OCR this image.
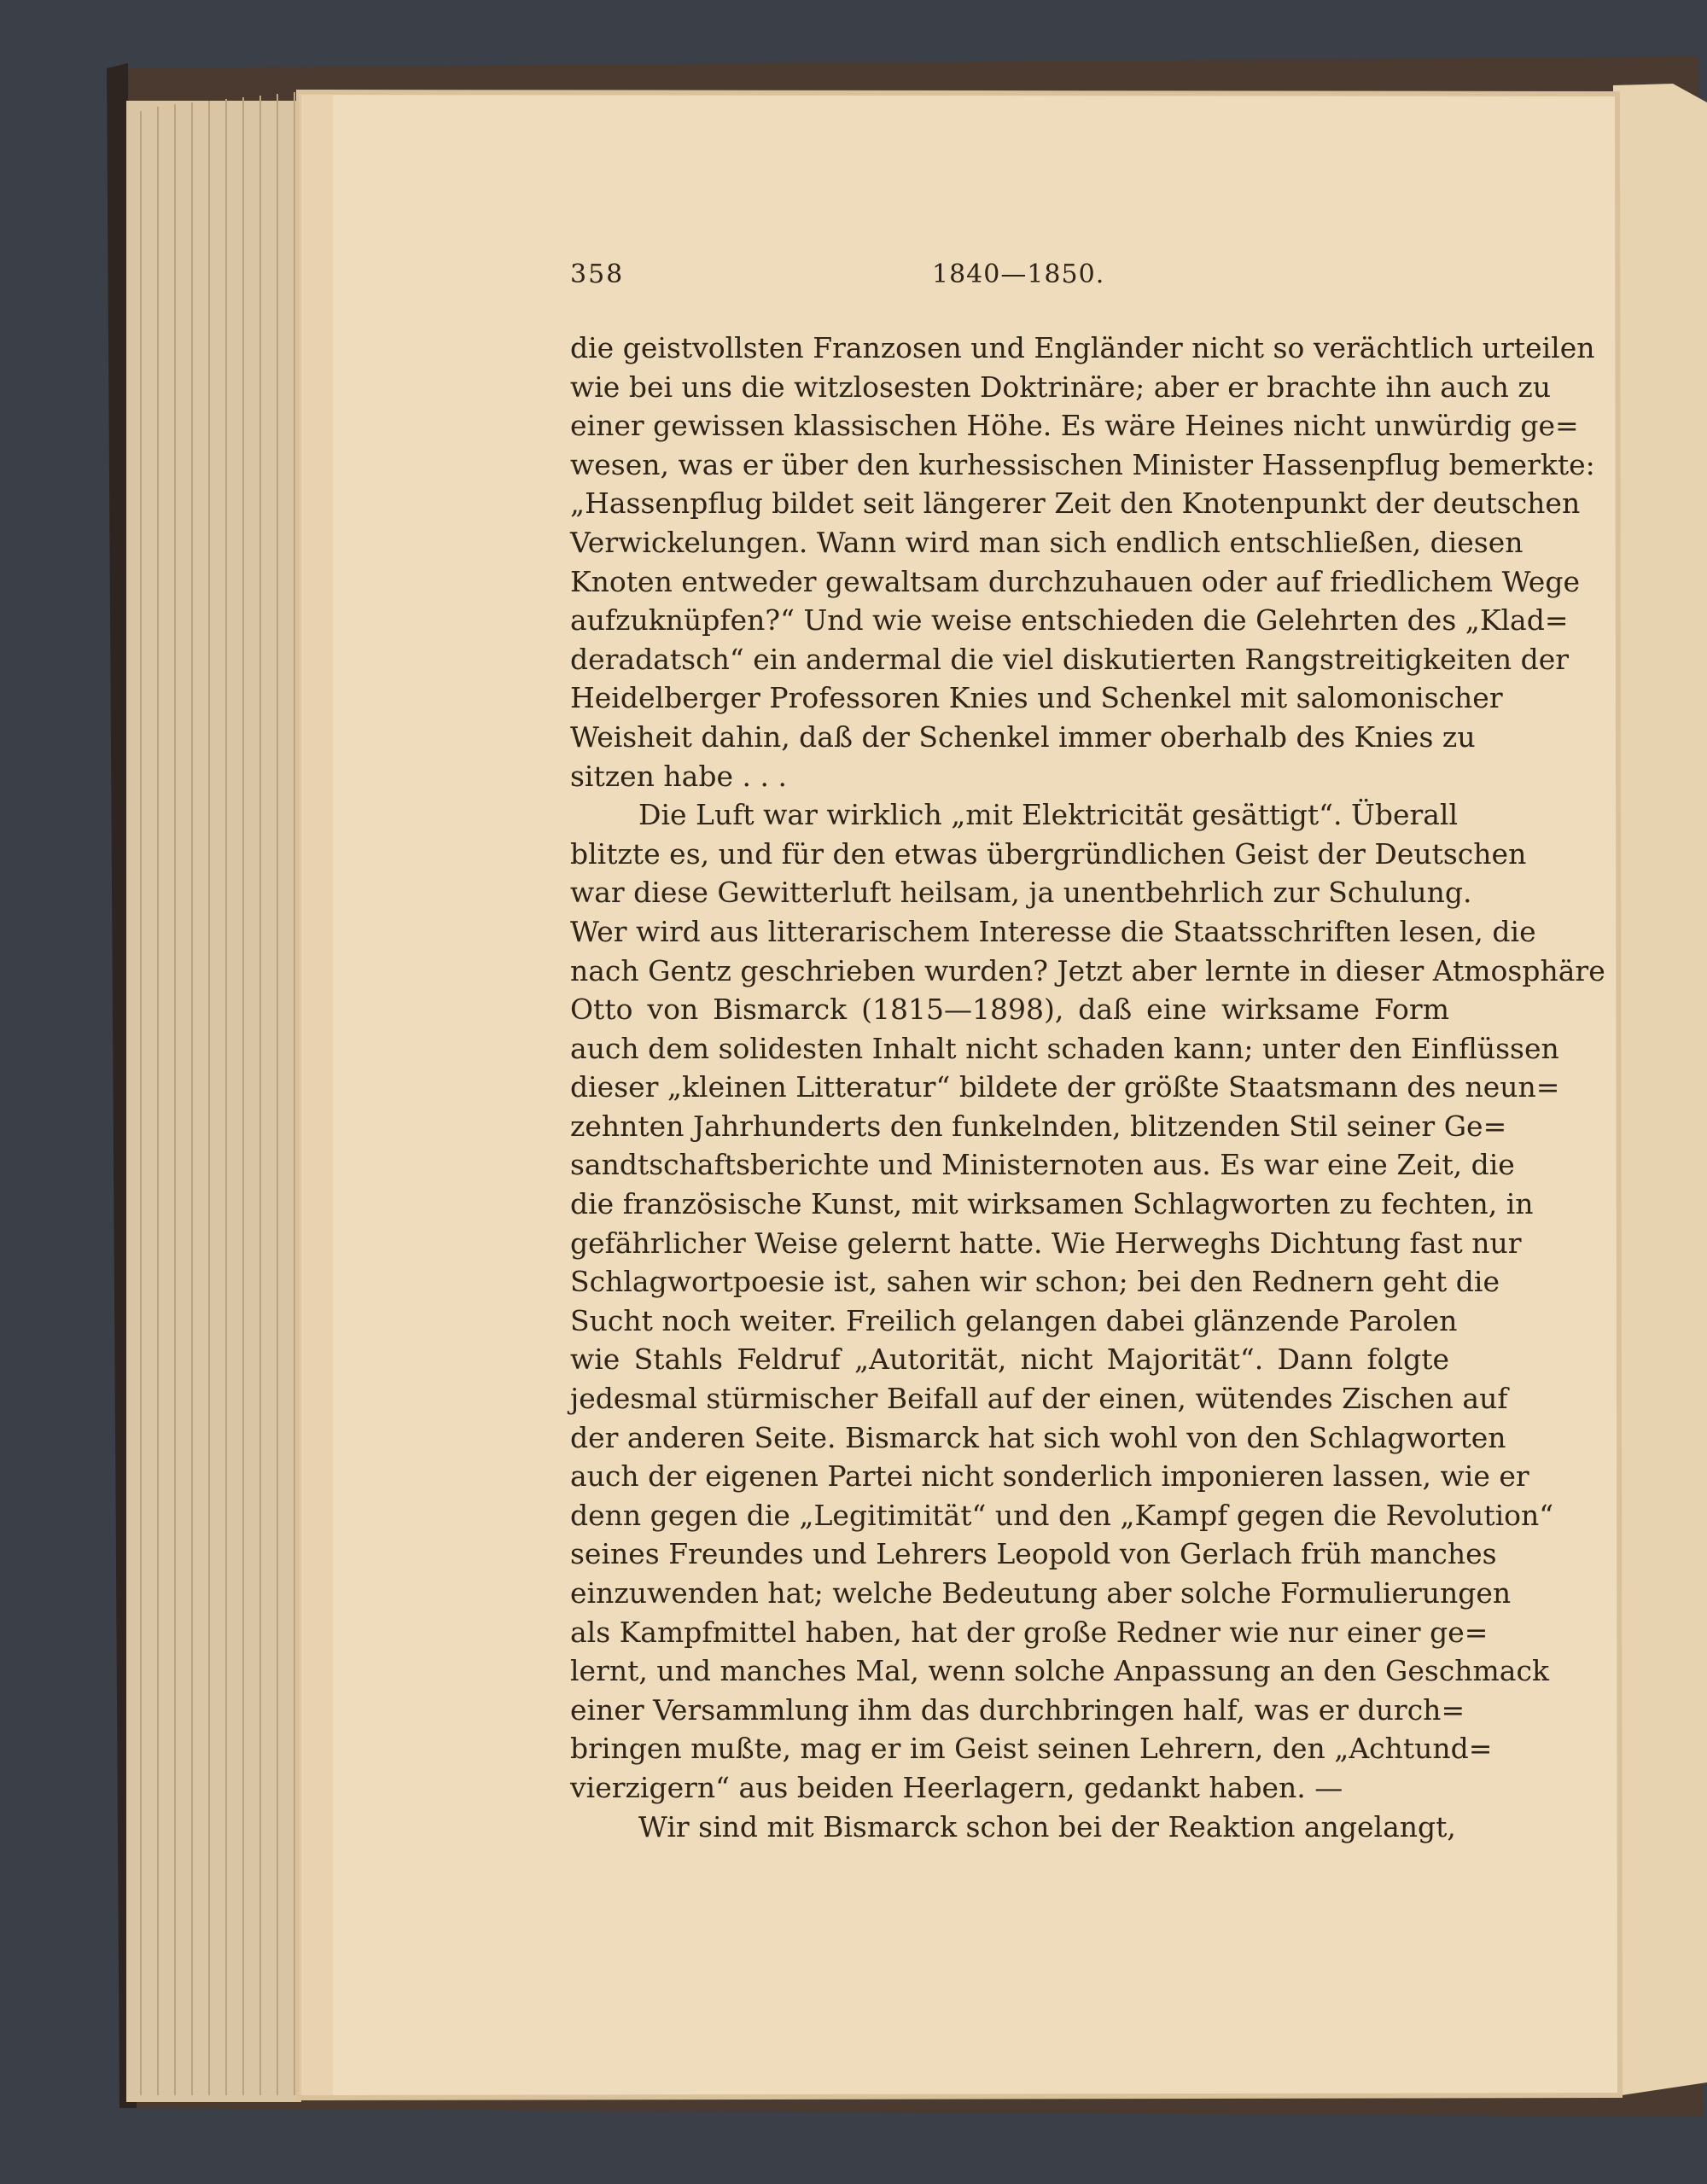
358	1840—1850.
die geistvollsten Franzosen und Engländer nicht so verächtlich urteilen
wie bei uns die witzlosesten Doktrinäre; aber er brachte ihn auch zu
einer gewissen klassischen Höhe. Es wäre Heines nicht unwürdig ge=
wesen, was er über den kurhessischen Minister Hassenpflug bemerkte:
„Hassenpflug bildet seit längerer Zeit den Knotenpunkt der deutschen
Verwickelungen. Wann wird man sich endlich entschließen, diesen
Knoten entweder gewaltsam durchzuhauen oder auf friedlichem Wege
aufzuknüpfen?“ Und wie weise entschieden die Gelehrten des „Klad=
deradatsch“ ein andermal die viel diskutierten Rangstreitigkeiten der
Heidelberger Professoren Knies und Schenkel mit salomonischer
Weisheit dahin, daß der Schenkel immer oberhalb des Knies zu
sitzen habe . . .
Die Luft war wirklich „mit Elektricität gesättigt“. Überall
blitzte es, und für den etwas übergründlichen Geist der Deutschen
war diese Gewitterluft heilsam, ja unentbehrlich zur Schulung.
Wer wird aus litterarischem Interesse die Staatsschriften lesen, die
nach Gentz geschrieben wurden? Jetzt aber lernte in dieser Atmosphäre
Otto von Bismarck (1815—1898), daß eine wirksame Form
auch dem solidesten Inhalt nicht schaden kann; unter den Einflüssen
dieser „kleinen Litteratur“ bildete der größte Staatsmann des neun=
zehnten Jahrhunderts den funkelnden, blitzenden Stil seiner Ge=
sandtschaftsberichte und Ministernoten aus. Es war eine Zeit, die
die französische Kunst, mit wirksamen Schlagworten zu fechten, in
gefährlicher Weise gelernt hatte. Wie Herweghs Dichtung fast nur
Schlagwortpoesie ist, sahen wir schon; bei den Rednern geht die
Sucht noch weiter. Freilich gelangen dabei glänzende Parolen
wie Stahls Feldruf „Autorität, nicht Majorität“. Dann folgte
jedesmal stürmischer Beifall auf der einen, wütendes Zischen auf
der anderen Seite. Bismarck hat sich wohl von den Schlagworten
auch der eigenen Partei nicht sonderlich imponieren lassen, wie er
denn gegen die „Legitimität“ und den „Kampf gegen die Revolution“
seines Freundes und Lehrers Leopold von Gerlach früh manches
einzuwenden hat; welche Bedeutung aber solche Formulierungen
als Kampfmittel haben, hat der große Redner wie nur einer ge=
lernt, und manches Mal, wenn solche Anpassung an den Geschmack
einer Versammlung ihm das durchbringen half, was er durch=
bringen mußte, mag er im Geist seinen Lehrern, den „Achtund=
vierzigern“ aus beiden Heerlagern, gedankt haben. —
Wir sind mit Bismarck schon bei der Reaktion angelangt,
